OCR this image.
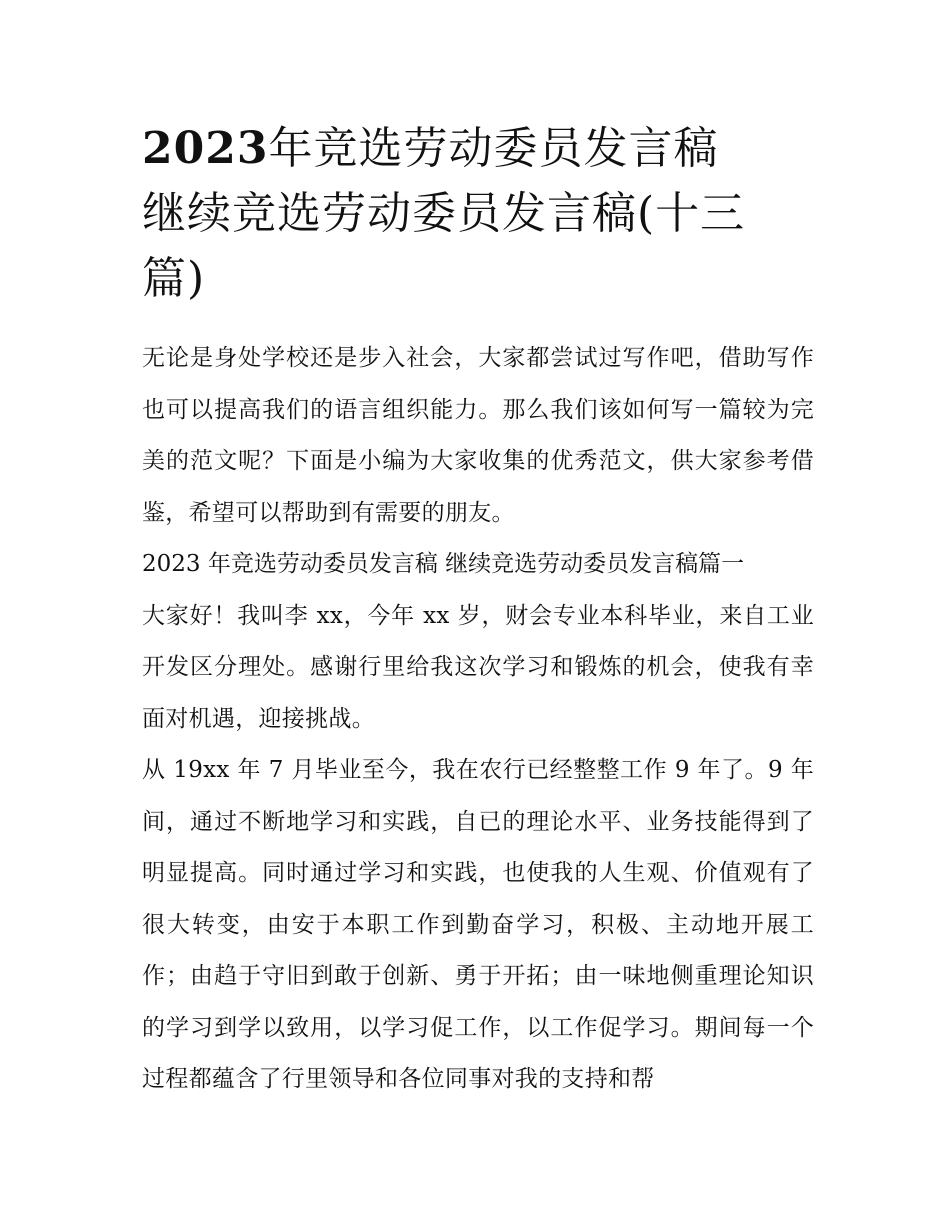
2023年竞选劳动委员发言稿
继续竞选劳动委员发言稿(十三
篇)

无论是身处学校还是步入社会，大家都尝试过写作吧，借助写作也可以提高我们的语言组织能力。那么我们该如何写一篇较为完美的范文呢？下面是小编为大家收集的优秀范文，供大家参考借鉴，希望可以帮助到有需要的朋友。

2023 年竞选劳动委员发言稿 继续竞选劳动委员发言稿篇一

大家好！我叫李 xx，今年 xx 岁，财会专业本科毕业，来自工业开发区分理处。感谢行里给我这次学习和锻炼的机会，使我有幸面对机遇，迎接挑战。

从 19xx 年 7 月毕业至今，我在农行已经整整工作 9 年了。9 年间，通过不断地学习和实践，自已的理论水平、业务技能得到了明显提高。同时通过学习和实践，也使我的人生观、价值观有了很大转变，由安于本职工作到勤奋学习，积极、主动地开展工作；由趋于守旧到敢于创新、勇于开拓；由一味地侧重理论知识的学习到学以致用，以学习促工作，以工作促学习。期间每一个过程都蕴含了行里领导和各位同事对我的支持和帮
